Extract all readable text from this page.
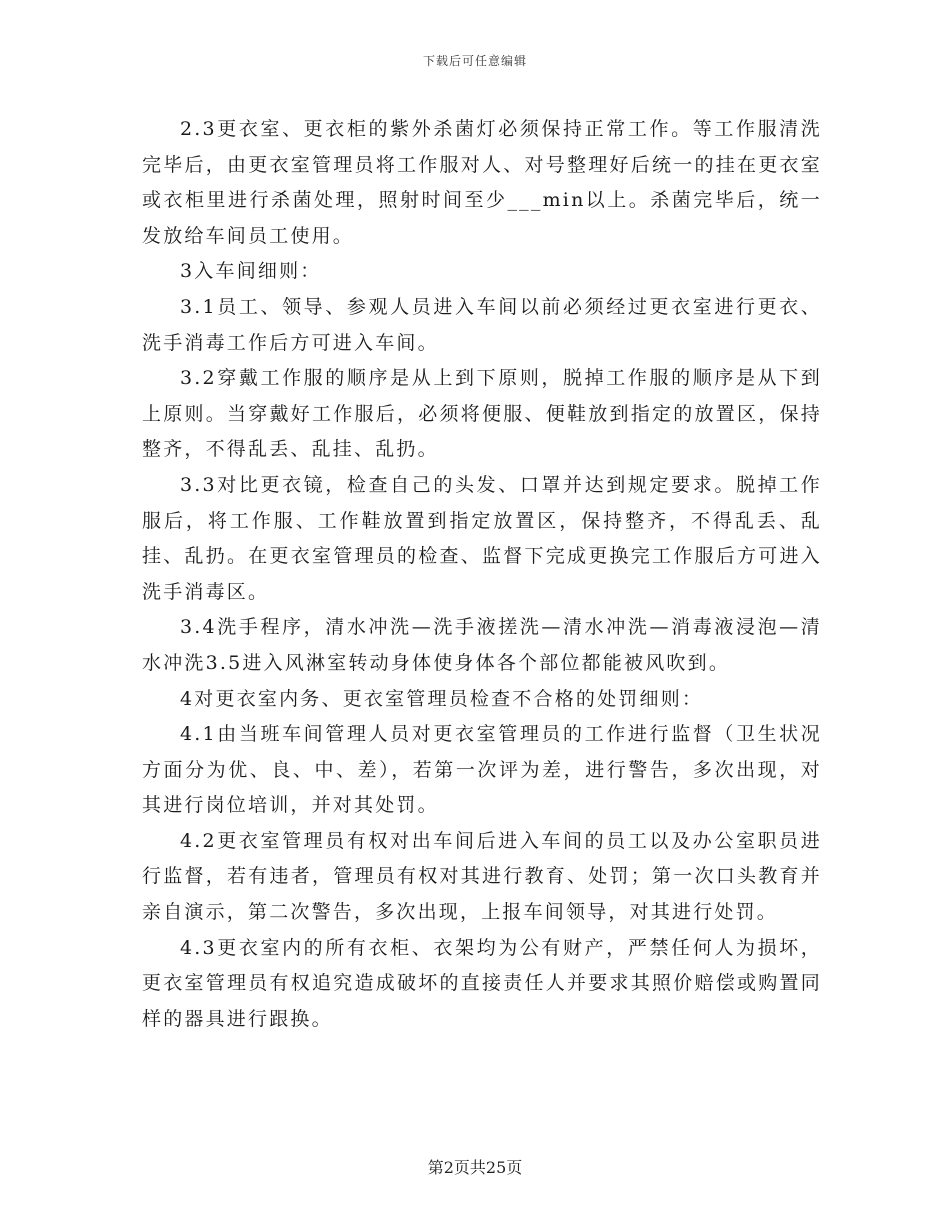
下载后可任意编辑

2.3更衣室、更衣柜的紫外杀菌灯必须保持正常工作。等工作服清洗完毕后，由更衣室管理员将工作服对人、对号整理好后统一的挂在更衣室或衣柜里进行杀菌处理，照射时间至少___min以上。杀菌完毕后，统一发放给车间员工使用。

3入车间细则：

3.1员工、领导、参观人员进入车间以前必须经过更衣室进行更衣、洗手消毒工作后方可进入车间。

3.2穿戴工作服的顺序是从上到下原则，脱掉工作服的顺序是从下到上原则。当穿戴好工作服后，必须将便服、便鞋放到指定的放置区，保持整齐，不得乱丢、乱挂、乱扔。

3.3对比更衣镜，检查自己的头发、口罩并达到规定要求。脱掉工作服后，将工作服、工作鞋放置到指定放置区，保持整齐，不得乱丢、乱挂、乱扔。在更衣室管理员的检查、监督下完成更换完工作服后方可进入洗手消毒区。

3.4洗手程序，清水冲洗—洗手液搓洗—清水冲洗—消毒液浸泡—清水冲洗3.5进入风淋室转动身体使身体各个部位都能被风吹到。

4对更衣室内务、更衣室管理员检查不合格的处罚细则：

4.1由当班车间管理人员对更衣室管理员的工作进行监督（卫生状况方面分为优、良、中、差），若第一次评为差，进行警告，多次出现，对其进行岗位培训，并对其处罚。

4.2更衣室管理员有权对出车间后进入车间的员工以及办公室职员进行监督，若有违者，管理员有权对其进行教育、处罚；第一次口头教育并亲自演示，第二次警告，多次出现，上报车间领导，对其进行处罚。

4.3更衣室内的所有衣柜、衣架均为公有财产，严禁任何人为损坏，更衣室管理员有权追究造成破坏的直接责任人并要求其照价赔偿或购置同样的器具进行跟换。

第2页共25页
